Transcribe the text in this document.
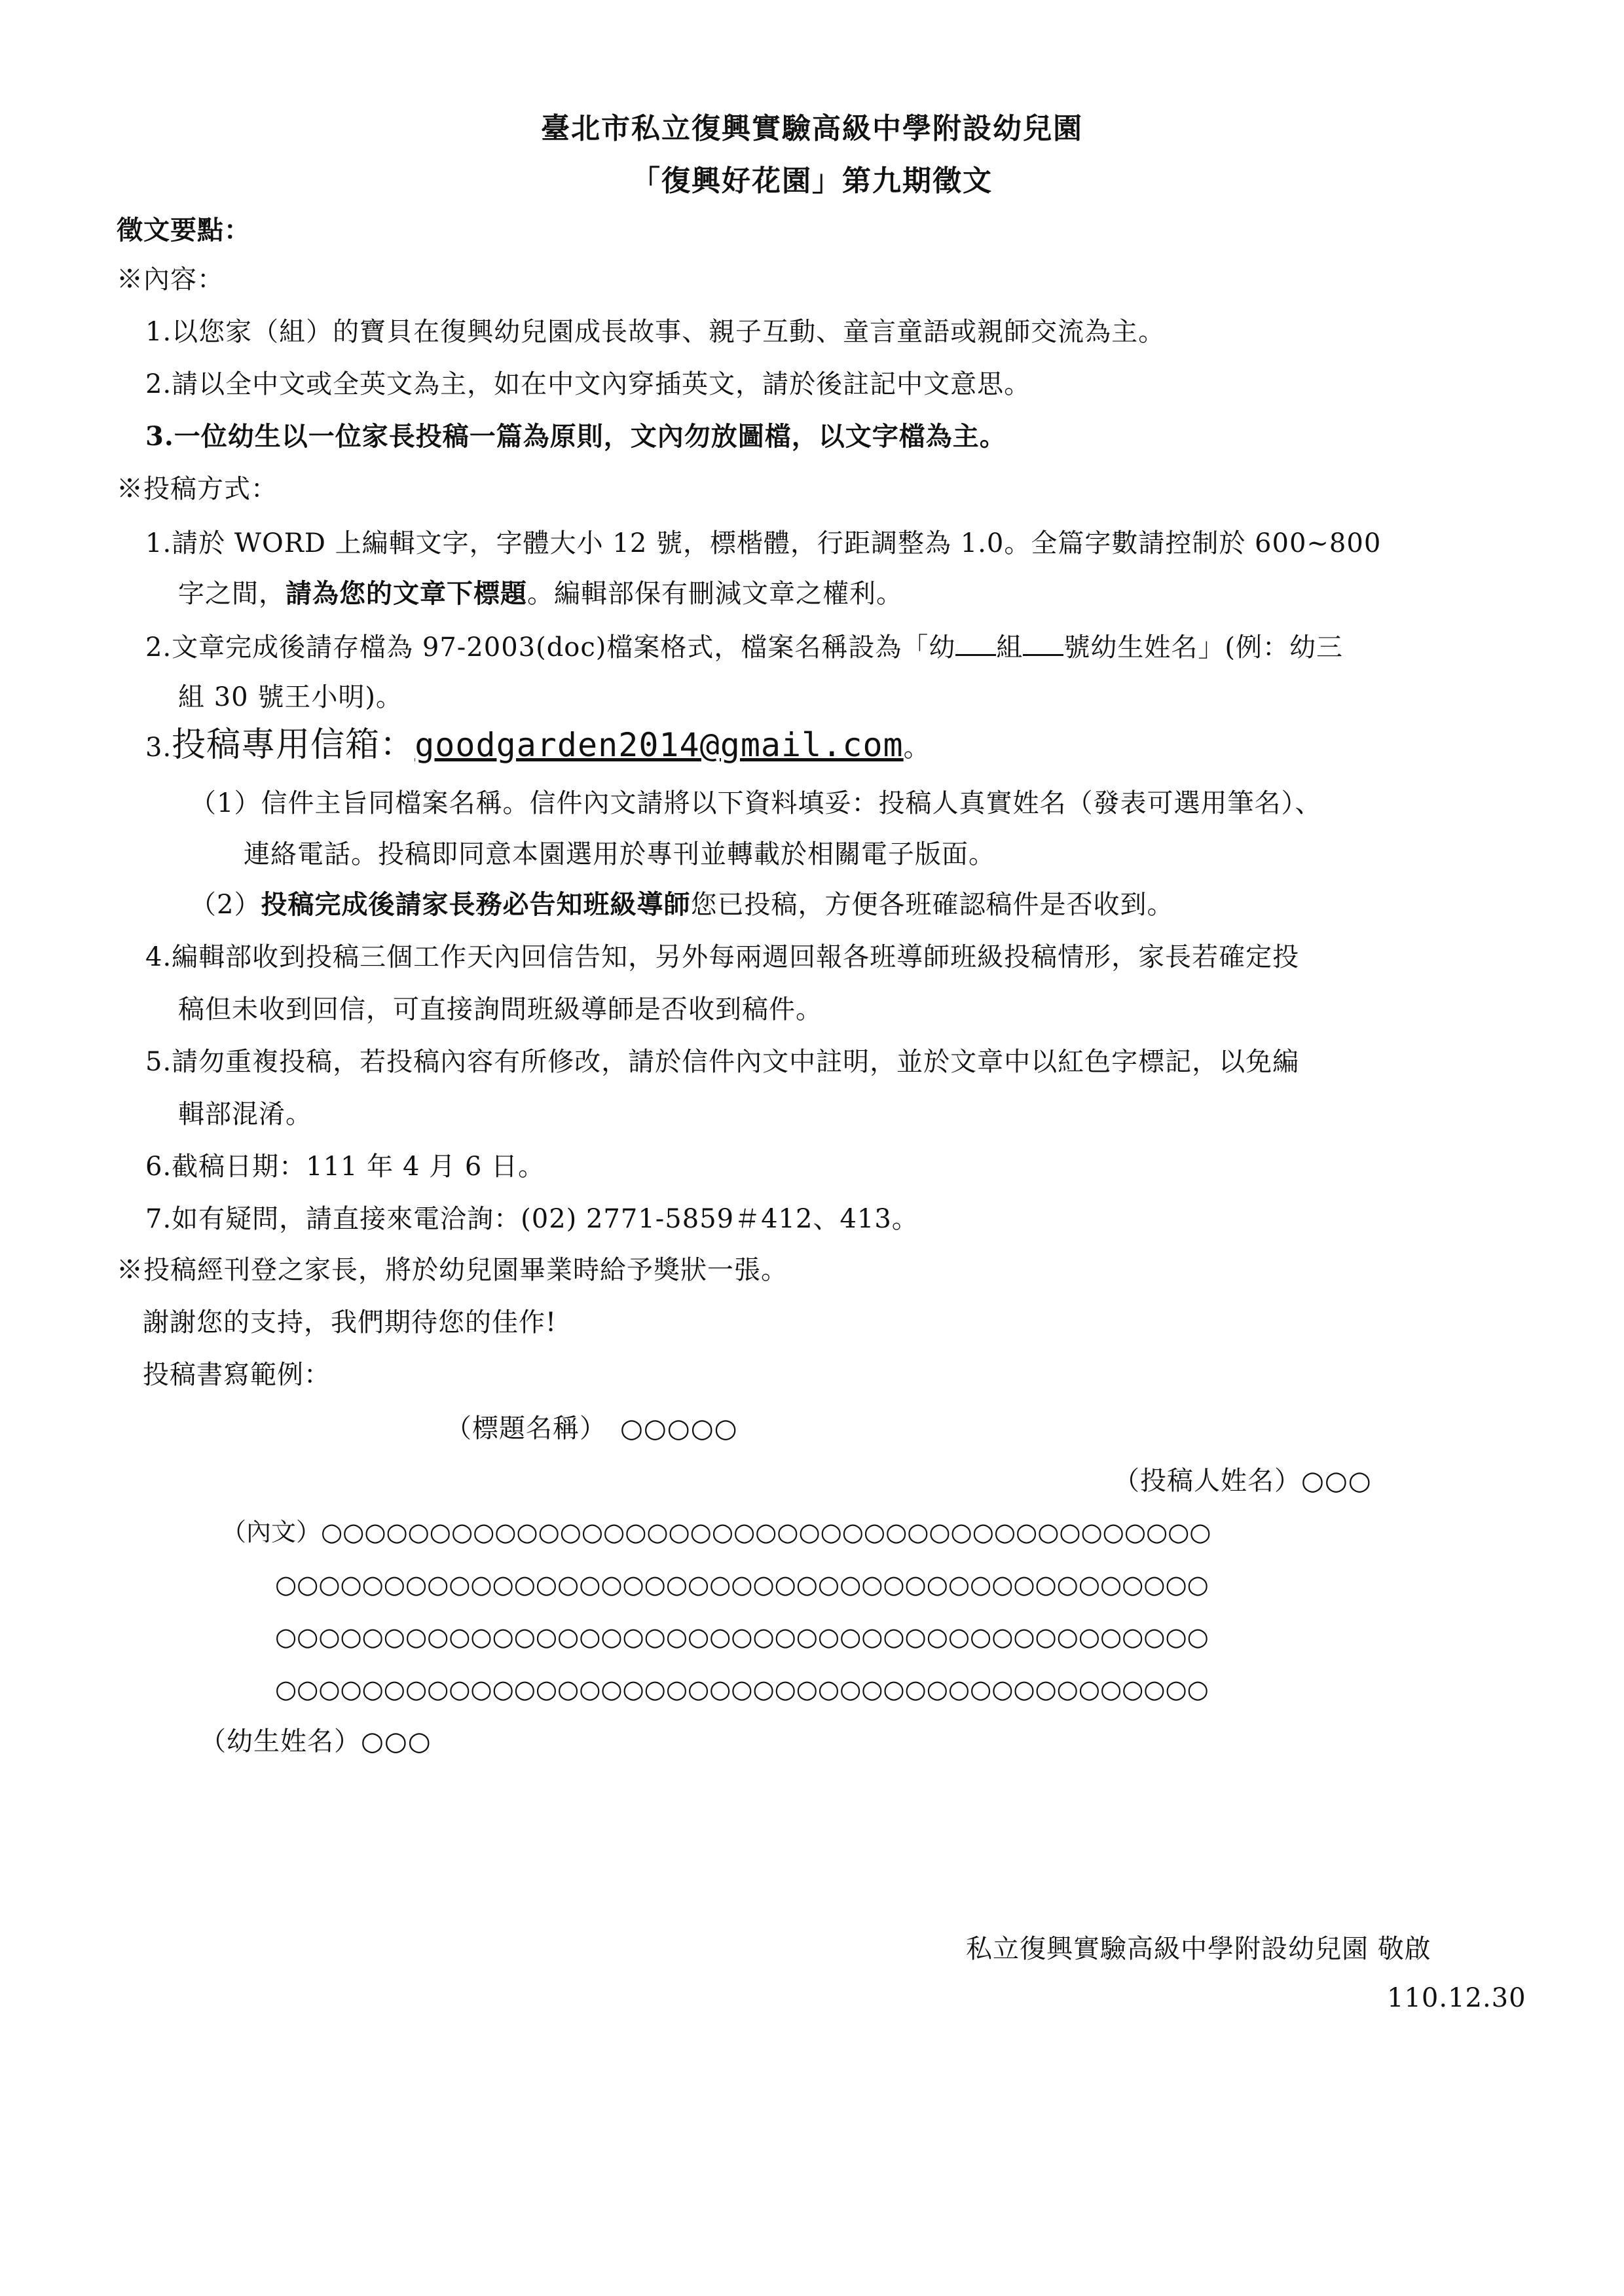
臺北市私立復興實驗高級中學附設幼兒園
「復興好花園」第九期徵文
徵文要點：
※內容：
1.以您家（組）的寶貝在復興幼兒園成長故事、親子互動、童言童語或親師交流為主。
2.請以全中文或全英文為主，如在中文內穿插英文，請於後註記中文意思。
3.一位幼生以一位家長投稿一篇為原則，文內勿放圖檔，以文字檔為主。
※投稿方式：
1.請於 WORD 上編輯文字，字體大小 12 號，標楷體，行距調整為 1.0。全篇字數請控制於 600~800
字之間，請為您的文章下標題。編輯部保有刪減文章之權利。
2.文章完成後請存檔為 97-2003(doc)檔案格式，檔案名稱設為「幼 組 號幼生姓名」(例：幼三
組 30 號王小明)。
3.投稿專用信箱：goodgarden2014@gmail.com。
（1）信件主旨同檔案名稱。信件內文請將以下資料填妥：投稿人真實姓名（發表可選用筆名）、
連絡電話。投稿即同意本園選用於專刊並轉載於相關電子版面。
（2）投稿完成後請家長務必告知班級導師您已投稿，方便各班確認稿件是否收到。
4.編輯部收到投稿三個工作天內回信告知，另外每兩週回報各班導師班級投稿情形，家長若確定投
稿但未收到回信，可直接詢問班級導師是否收到稿件。
5.請勿重複投稿，若投稿內容有所修改，請於信件內文中註明，並於文章中以紅色字標記，以免編
輯部混淆。
6.截稿日期：111 年 4 月 6 日。
7.如有疑問，請直接來電洽詢：(02) 2771-5859＃412、413。
※投稿經刊登之家長，將於幼兒園畢業時給予獎狀一張。
謝謝您的支持，我們期待您的佳作!
投稿書寫範例：
（標題名稱）　○○○○○
（投稿人姓名）○○○
（內文）○○○○○○○○○○○○○○○○○○○○○○○○○○○○○○○○○○○○○○○○○
○○○○○○○○○○○○○○○○○○○○○○○○○○○○○○○○○○○○○○○○○○○
○○○○○○○○○○○○○○○○○○○○○○○○○○○○○○○○○○○○○○○○○○○
○○○○○○○○○○○○○○○○○○○○○○○○○○○○○○○○○○○○○○○○○○○
（幼生姓名）○○○
私立復興實驗高級中學附設幼兒園 敬啟
110.12.30
